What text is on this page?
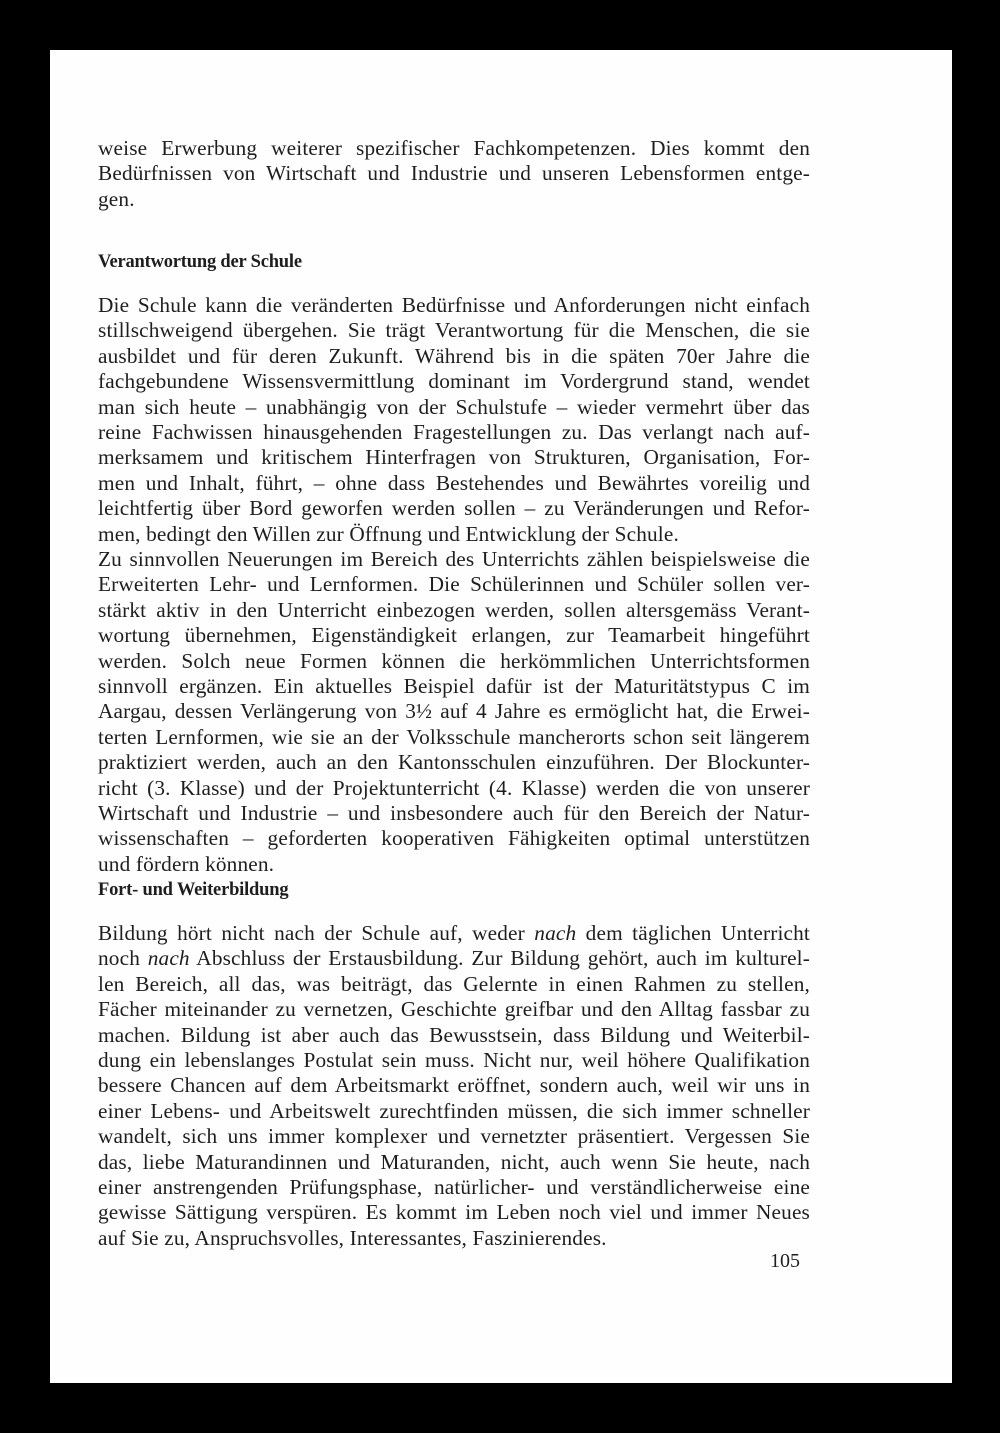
weise Erwerbung weiterer spezifischer Fachkompetenzen. Dies kommt den
Bedürfnissen von Wirtschaft und Industrie und unseren Lebensformen entge-
gen.

Verantwortung der Schule

Die Schule kann die veränderten Bedürfnisse und Anforderungen nicht einfach
stillschweigend übergehen. Sie trägt Verantwortung für die Menschen, die sie
ausbildet und für deren Zukunft. Während bis in die späten 70er Jahre die
fachgebundene Wissensvermittlung dominant im Vordergrund stand, wendet
man sich heute – unabhängig von der Schulstufe – wieder vermehrt über das
reine Fachwissen hinausgehenden Fragestellungen zu. Das verlangt nach auf-
merksamem und kritischem Hinterfragen von Strukturen, Organisation, For-
men und Inhalt, führt, – ohne dass Bestehendes und Bewährtes voreilig und
leichtfertig über Bord geworfen werden sollen – zu Veränderungen und Refor-
men, bedingt den Willen zur Öffnung und Entwicklung der Schule.

Zu sinnvollen Neuerungen im Bereich des Unterrichts zählen beispielsweise die
Erweiterten Lehr- und Lernformen. Die Schülerinnen und Schüler sollen ver-
stärkt aktiv in den Unterricht einbezogen werden, sollen altersgemäss Verant-
wortung übernehmen, Eigenständigkeit erlangen, zur Teamarbeit hingeführt
werden. Solch neue Formen können die herkömmlichen Unterrichtsformen
sinnvoll ergänzen. Ein aktuelles Beispiel dafür ist der Maturitätstypus C im
Aargau, dessen Verlängerung von 3½ auf 4 Jahre es ermöglicht hat, die Erwei-
terten Lernformen, wie sie an der Volksschule mancherorts schon seit längerem
praktiziert werden, auch an den Kantonsschulen einzuführen. Der Blockunter-
richt (3. Klasse) und der Projektunterricht (4. Klasse) werden die von unserer
Wirtschaft und Industrie – und insbesondere auch für den Bereich der Natur-
wissenschaften – geforderten kooperativen Fähigkeiten optimal unterstützen
und fördern können.

Fort- und Weiterbildung

Bildung hört nicht nach der Schule auf, weder nach dem täglichen Unterricht
noch nach Abschluss der Erstausbildung. Zur Bildung gehört, auch im kulturel-
len Bereich, all das, was beiträgt, das Gelernte in einen Rahmen zu stellen,
Fächer miteinander zu vernetzen, Geschichte greifbar und den Alltag fassbar zu
machen. Bildung ist aber auch das Bewusstsein, dass Bildung und Weiterbil-
dung ein lebenslanges Postulat sein muss. Nicht nur, weil höhere Qualifikation
bessere Chancen auf dem Arbeitsmarkt eröffnet, sondern auch, weil wir uns in
einer Lebens- und Arbeitswelt zurechtfinden müssen, die sich immer schneller
wandelt, sich uns immer komplexer und vernetzter präsentiert. Vergessen Sie
das, liebe Maturandinnen und Maturanden, nicht, auch wenn Sie heute, nach
einer anstrengenden Prüfungsphase, natürlicher- und verständlicherweise eine
gewisse Sättigung verspüren. Es kommt im Leben noch viel und immer Neues
auf Sie zu, Anspruchsvolles, Interessantes, Faszinierendes.

105
